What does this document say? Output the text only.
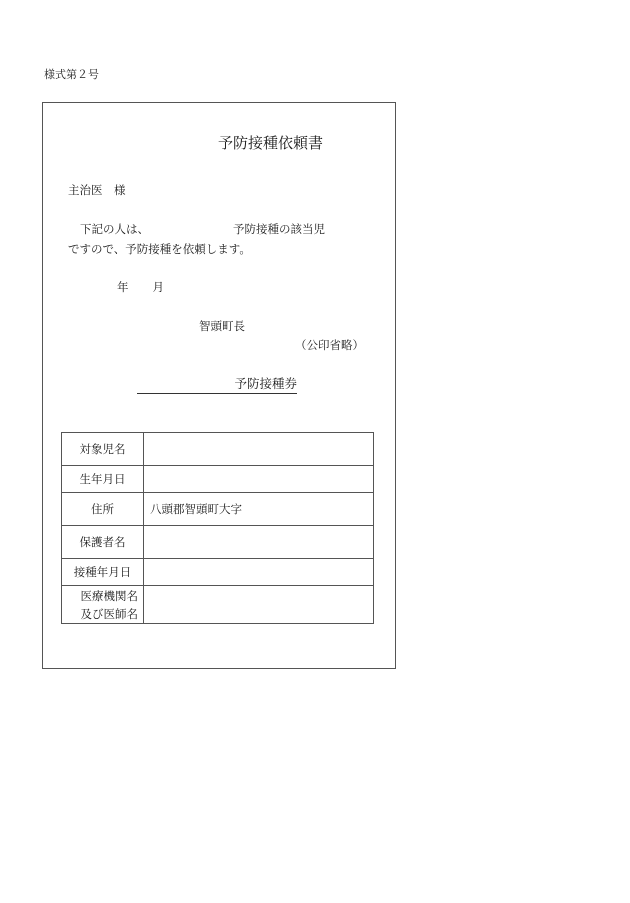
様式第２号
予防接種依頼書
主治医　様
下記の人は、	予防接種の該当児
ですので、予防接種を依頼します。
年 月
智頭町長
（公印省略）
予防接種券
対象児名	
生年月日	
住所	八頭郡智頭町大字
保護者名	
接種年月日	

医療機関名
及び医師名	
